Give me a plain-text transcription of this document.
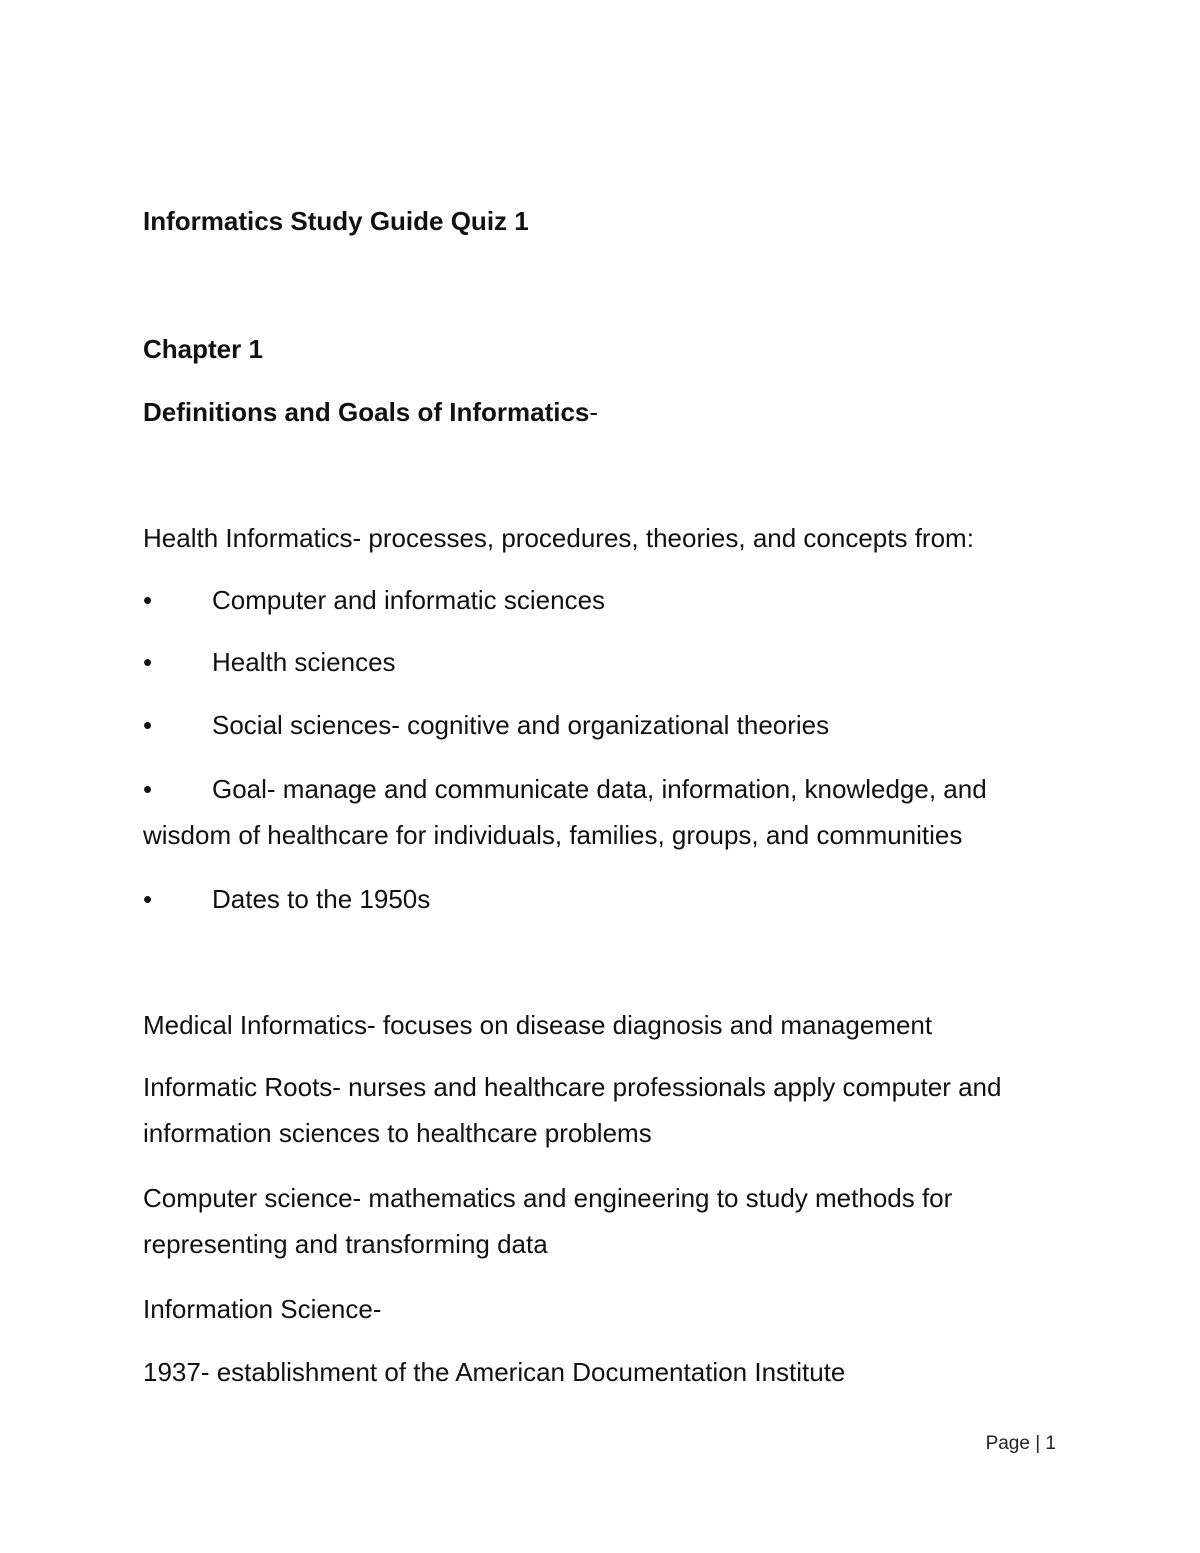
Informatics Study Guide Quiz 1
Chapter 1
Definitions and Goals of Informatics-
Health Informatics- processes, procedures, theories, and concepts from:
• Computer and informatic sciences
• Health sciences
• Social sciences- cognitive and organizational theories
• Goal- manage and communicate data, information, knowledge, and wisdom of healthcare for individuals, families, groups, and communities
• Dates to the 1950s
Medical Informatics- focuses on disease diagnosis and management
Informatic Roots- nurses and healthcare professionals apply computer and information sciences to healthcare problems
Computer science- mathematics and engineering to study methods for representing and transforming data
Information Science-
1937- establishment of the American Documentation Institute
Page | 1
